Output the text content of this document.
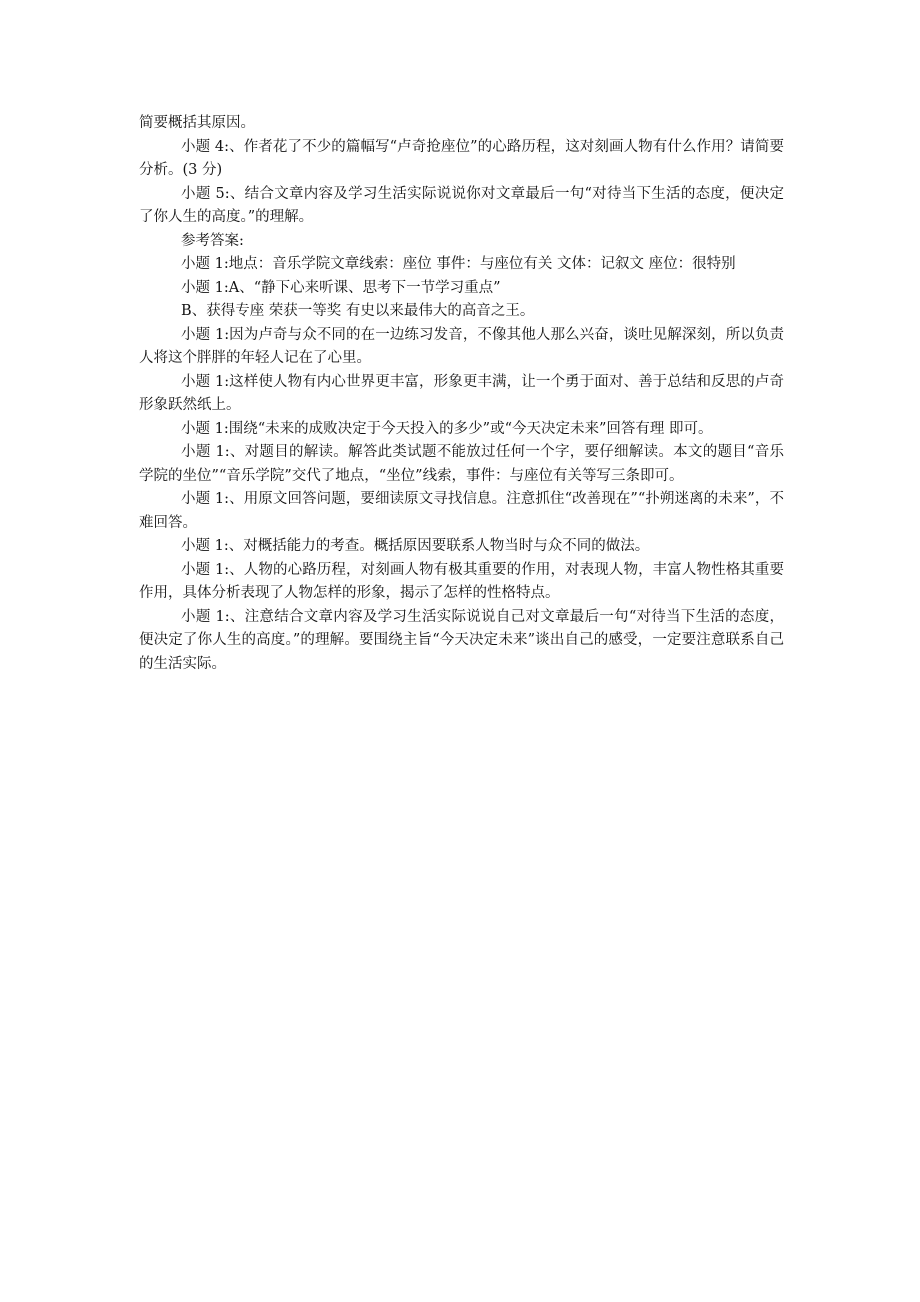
简要概括其原因。

小题 4:、作者花了不少的篇幅写“卢奇抢座位”的心路历程，这对刻画人物有什么作用？请简要分析。(3 分)

小题 5:、结合文章内容及学习生活实际说说你对文章最后一句“对待当下生活的态度，便决定了你人生的高度。”的理解。

参考答案:

小题 1:地点：音乐学院文章线索：座位 事件：与座位有关 文体：记叙文 座位：很特别

小题 1:A、“静下心来听课、思考下一节学习重点”

B、获得专座 荣获一等奖 有史以来最伟大的高音之王。

小题 1:因为卢奇与众不同的在一边练习发音，不像其他人那么兴奋，谈吐见解深刻，所以负责人将这个胖胖的年轻人记在了心里。

小题 1:这样使人物有内心世界更丰富，形象更丰满，让一个勇于面对、善于总结和反思的卢奇形象跃然纸上。

小题 1:围绕“未来的成败决定于今天投入的多少”或“今天决定未来”回答有理 即可。

小题 1:、对题目的解读。解答此类试题不能放过任何一个字，要仔细解读。本文的题目“音乐学院的坐位”“音乐学院”交代了地点，“坐位”线索，事件：与座位有关等写三条即可。

小题 1:、用原文回答问题，要细读原文寻找信息。注意抓住“改善现在”“扑朔迷离的未来”，不难回答。

小题 1:、对概括能力的考查。概括原因要联系人物当时与众不同的做法。

小题 1:、人物的心路历程，对刻画人物有极其重要的作用，对表现人物，丰富人物性格其重要作用，具体分析表现了人物怎样的形象，揭示了怎样的性格特点。

小题 1:、注意结合文章内容及学习生活实际说说自己对文章最后一句“对待当下生活的态度，便决定了你人生的高度。”的理解。要围绕主旨“今天决定未来”谈出自己的感受，一定要注意联系自己的生活实际。
